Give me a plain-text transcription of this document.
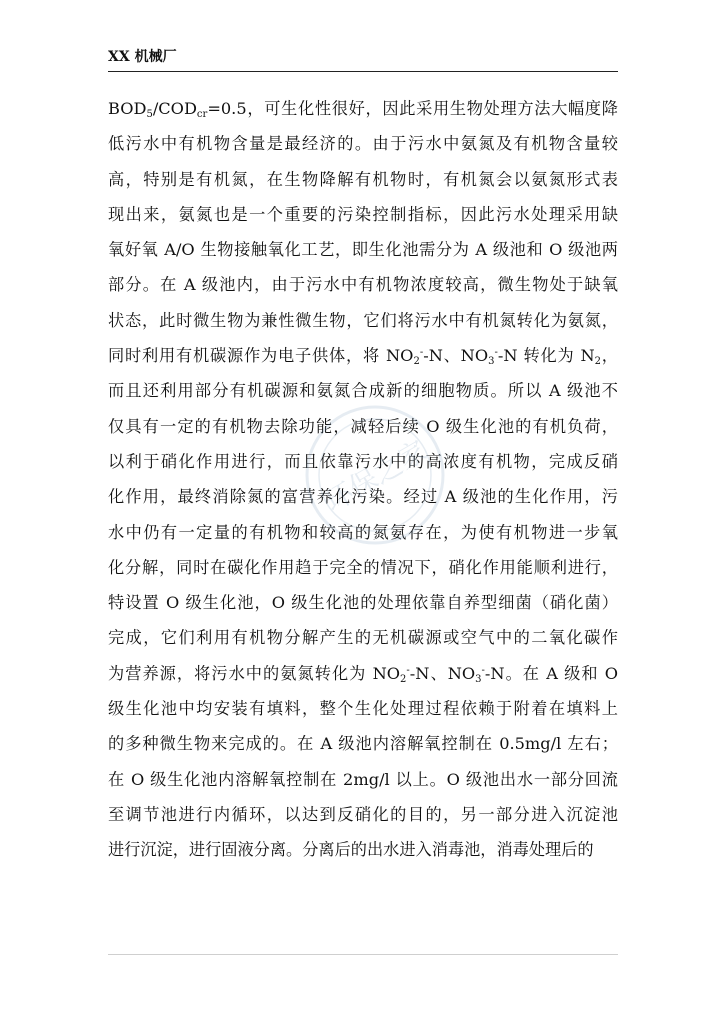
XX 机械厂
$BOD_5/COD_{cr}=0.5$，可生化性很好，因此采用生物处理方法大幅度降
低污水中有机物含量是最经济的。由于污水中氨氮及有机物含量较
高，特别是有机氮，在生物降解有机物时，有机氮会以氨氮形式表
现出来，氨氮也是一个重要的污染控制指标，因此污水处理采用缺
氧好氧 A/O 生物接触氧化工艺，即生化池需分为 A 级池和 O 级池两
部分。在 A 级池内，由于污水中有机物浓度较高，微生物处于缺氧
状态，此时微生物为兼性微生物，它们将污水中有机氮转化为氨氮，
同时利用有机碳源作为电子供体，将 $NO_2^--N$、$NO_3^--N$ 转化为 $N_2$，
而且还利用部分有机碳源和氨氮合成新的细胞物质。所以 A 级池不
仅具有一定的有机物去除功能，减轻后续 O 级生化池的有机负荷，
以利于硝化作用进行，而且依靠污水中的高浓度有机物，完成反硝
化作用，最终消除氮的富营养化污染。经过 A 级池的生化作用，污
水中仍有一定量的有机物和较高的氮氨存在，为使有机物进一步氧
化分解，同时在碳化作用趋于完全的情况下，硝化作用能顺利进行，
特设置 O 级生化池，O 级生化池的处理依靠自养型细菌（硝化菌）
完成，它们利用有机物分解产生的无机碳源或空气中的二氧化碳作
为营养源，将污水中的氨氮转化为 $NO_2^--N$、$NO_3^--N$。在 A 级和 O
级生化池中均安装有填料，整个生化处理过程依赖于附着在填料上
的多种微生物来完成的。在 A 级池内溶解氧控制在 0.5mg/l 左右；
在 O 级生化池内溶解氧控制在 2mg/l 以上。O 级池出水一部分回流
至调节池进行内循环，以达到反硝化的目的，另一部分进入沉淀池
进行沉淀，进行固液分离。分离后的出水进入消毒池，消毒处理后的
环保之家
